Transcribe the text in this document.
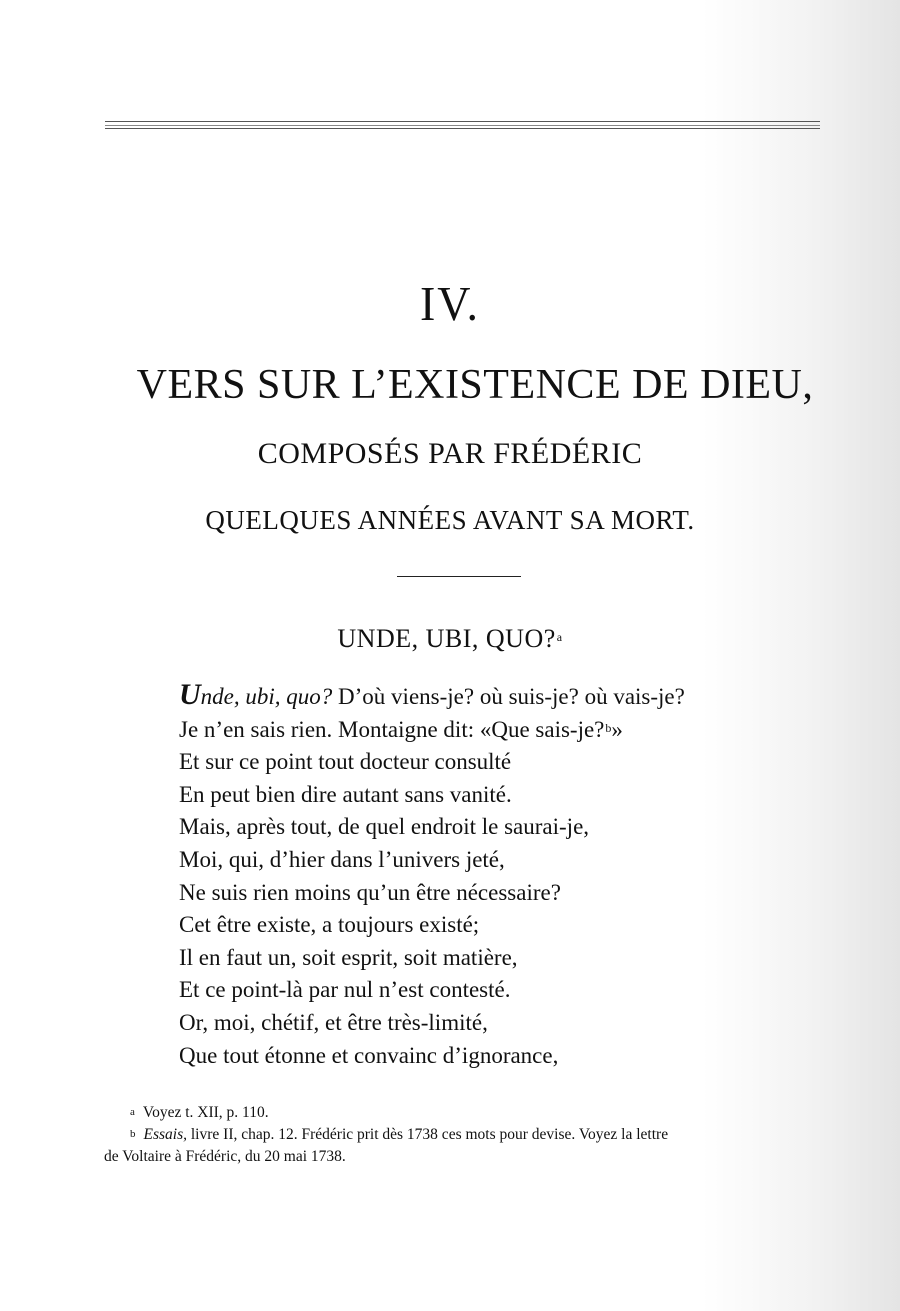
IV.
VERS SUR L’EXISTENCE DE DIEU,
COMPOSÉS PAR FRÉDÉRIC
QUELQUES ANNÉES AVANT SA MORT.
UNDE, UBI, QUO?$^a$
Unde, ubi, quo? D’où viens-je? où suis-je? où vais-je?
Je n’en sais rien. Montaigne dit: «Que sais-je?$^b$»
Et sur ce point tout docteur consulté
En peut bien dire autant sans vanité.
Mais, après tout, de quel endroit le saurai-je,
Moi, qui, d’hier dans l’univers jeté,
Ne suis rien moins qu’un être nécessaire?
Cet être existe, a toujours existé;
Il en faut un, soit esprit, soit matière,
Et ce point-là par nul n’est contesté.
Or, moi, chétif, et être très-limité,
Que tout étonne et convainc d’ignorance,
$^a$ Voyez t. XII, p. 110.
$^b$ Essais, livre II, chap. 12. Frédéric prit dès 1738 ces mots pour devise. Voyez la lettre
de Voltaire à Frédéric, du 20 mai 1738.
